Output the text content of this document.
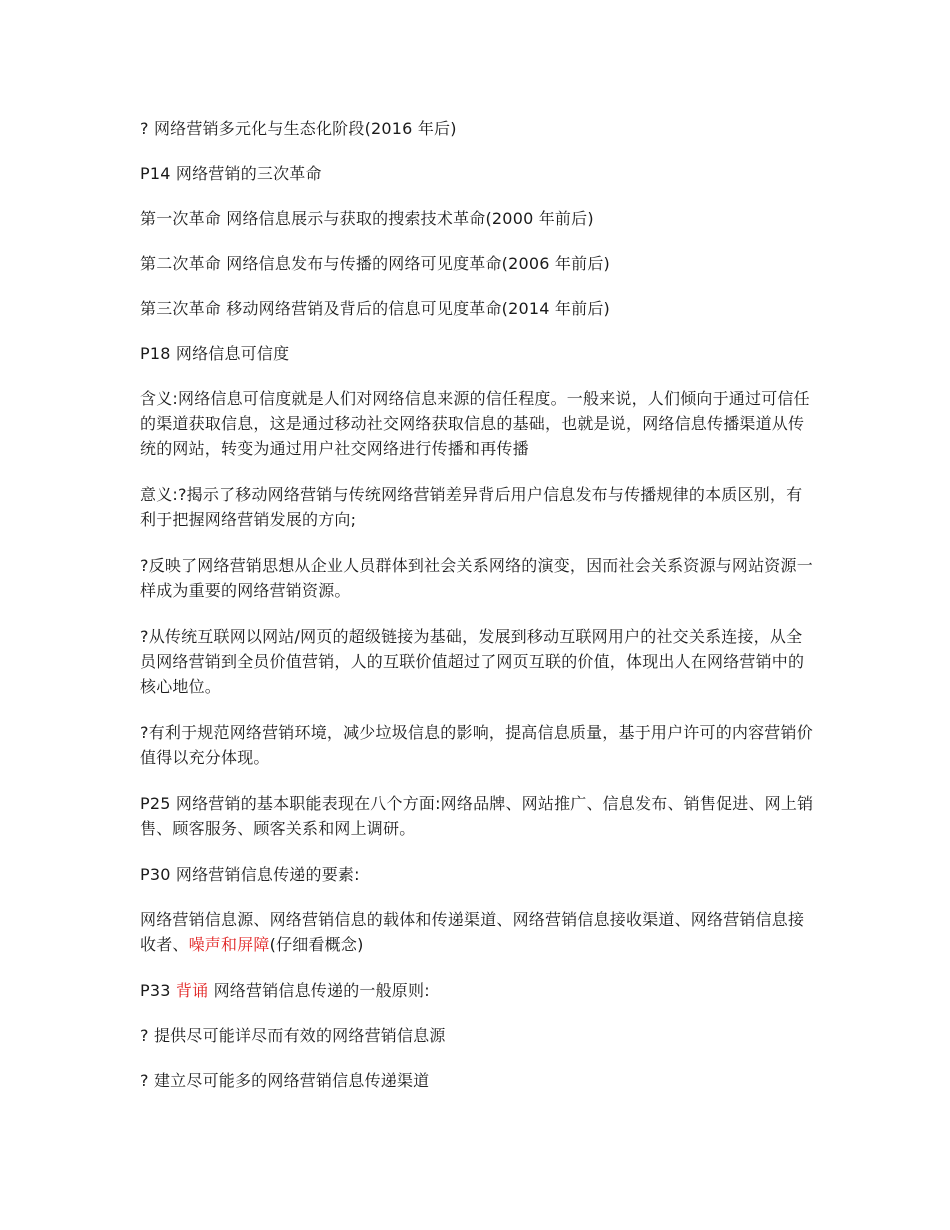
? 网络营销多元化与生态化阶段(2016 年后)

P14 网络营销的三次革命

第一次革命 网络信息展示与获取的搜索技术革命(2000 年前后)

第二次革命 网络信息发布与传播的网络可见度革命(2006 年前后)

第三次革命 移动网络营销及背后的信息可见度革命(2014 年前后)

P18 网络信息可信度

含义:网络信息可信度就是人们对网络信息来源的信任程度。一般来说，人们倾向于通过可信任的渠道获取信息，这是通过移动社交网络获取信息的基础，也就是说，网络信息传播渠道从传统的网站，转变为通过用户社交网络进行传播和再传播

意义:?揭示了移动网络营销与传统网络营销差异背后用户信息发布与传播规律的本质区别，有利于把握网络营销发展的方向;

?反映了网络营销思想从企业人员群体到社会关系网络的演变，因而社会关系资源与网站资源一样成为重要的网络营销资源。

?从传统互联网以网站/网页的超级链接为基础，发展到移动互联网用户的社交关系连接，从全员网络营销到全员价值营销，人的互联价值超过了网页互联的价值，体现出人在网络营销中的核心地位。

?有利于规范网络营销环境，减少垃圾信息的影响，提高信息质量，基于用户许可的内容营销价值得以充分体现。

P25 网络营销的基本职能表现在八个方面:网络品牌、网站推广、信息发布、销售促进、网上销售、顾客服务、顾客关系和网上调研。

P30 网络营销信息传递的要素:

网络营销信息源、网络营销信息的载体和传递渠道、网络营销信息接收渠道、网络营销信息接收者、噪声和屏障(仔细看概念)

P33 背诵 网络营销信息传递的一般原则:

? 提供尽可能详尽而有效的网络营销信息源

? 建立尽可能多的网络营销信息传递渠道
